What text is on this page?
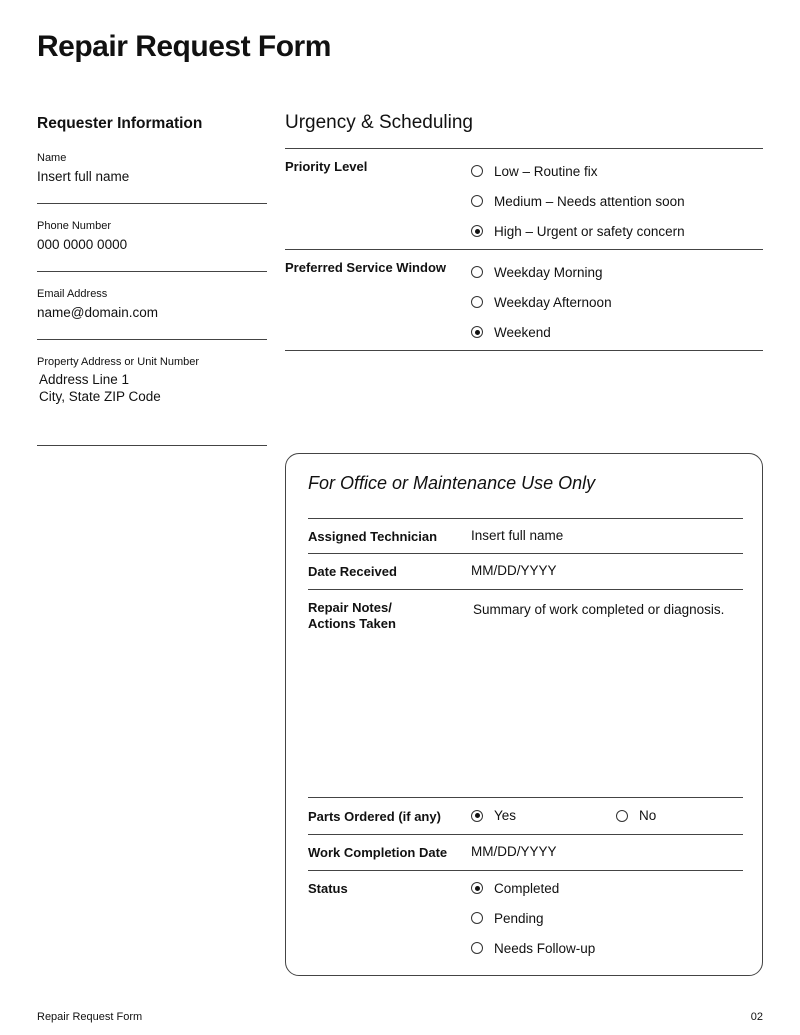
Repair Request Form
Requester Information
Name
Insert full name
Phone Number
000 0000 0000
Email Address
name@domain.com
Property Address or Unit Number
Address Line 1
City, State ZIP Code
Urgency & Scheduling
Priority Level	Low – Routine fix
Medium – Needs attention soon
High – Urgent or safety concern
Preferred Service Window	Weekday Morning
Weekday Afternoon
Weekend
For Office or Maintenance Use Only
Assigned Technician	Insert full name
Date Received	MM/DD/YYYY
Repair Notes/
Actions Taken
Summary of work completed or diagnosis.
Parts Ordered (if any)	Yes	No
Work Completion Date MM/DD/YYYY
Status	Completed
Pending
Needs Follow-up
Repair Request Form	02
